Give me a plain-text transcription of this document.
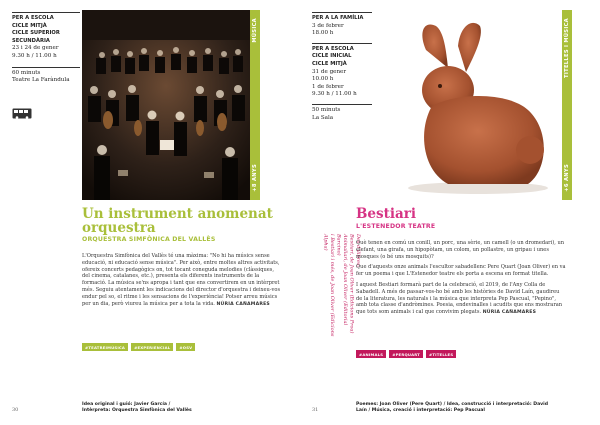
PER A ESCOLA
CICLE MITJÀ
CICLE SUPERIOR
SECUNDÀRIA
23 i 24 de gener
9.30 h / 11.00 h
60 minuts
Teatre La Faràndula
MÚSICA
+8 ANYS
Un instrument anomenat orquestra
ORQUESTRA SIMFÒNICA DEL VALLÈS
L'Orquestra Simfònica del Vallès té una màxima: "No hi ha músics sense educació, ni educació sense música". Per això, entre moltes altres activitats, ofereix concerts pedagògics on, tot tocant coneguda melodies (clàssiques, del cinema, catalanes, etc.), presenta els diferents instruments de la formació. La música se'ns apropa i tant que ens convertirem en un intèrpret més. Seguiu atentament les indicacions del director d'orquestra i deixeu-vos endur pel so, el ritme i les sensacions de l'experiència! Potser arreu músics per un dia, però viureu la música per a tota la vida. NÚRIA CAÑAMARES
#TEATREIMÚSICA	#EXPERIENCIAL	#OSV
30
Idea original i guió: Javier García /
Intèrpreta: Orquestra Simfònica del Vallès
PER A LA FAMÍLIA
3 de febrer
18.00 h
PER A ESCOLA
CICLE INICIAL
CICLE MITJÀ
31 de gener
10.00 h
1 de febrer
9.30 h / 11.00 h
50 minuts
La Sala
TITELLES I MÚSICA
+6 ANYS
Des d'llibres:
Bestiari, de Joan Oliver (Edicions Proa)
Animaliari, de Joan Oliver (Editorial Barcino)
i Bestiari i més, de Joan Oliver (Edicions Alpha)
Bestiari
L'ESTENEDOR TEATRE

Què tenen en comú un conill, un porc, una sèrie, un camell (o un dromedari), un elefant, una girafa, un hipopòtam, un colom, un pollastre, un gripau i unes mosques (o bé uns mosquits)?

Que d'aquests onze animals l'escultor sabadellenc Pere Quart (Joan Oliver) en va fer un poema i que L'Estenedor teatre els porta a escena en format titella.

I aquest Bestiari formarà part de la celebració, el 2019, de l'Any Colla de Sabadell. A més de passar-vos-ho bé amb les històries de David Laín, gaudireu de la literatura, les naturals i la música que interpreta Pep Pascual, "Pepino", amb tota classe d'andròmines. Poesia, endevinalles i acudits que ens mostraran que tots som animals i cal que convivim plegats. NÚRIA CAÑAMARES

#ANIMALS	#PERQUART	#TITELLES
31
Poemes: Joan Oliver (Pere Quart) / Idea, construcció i interpretació: David
Laín / Música, creació i interpretació: Pep Pascual
